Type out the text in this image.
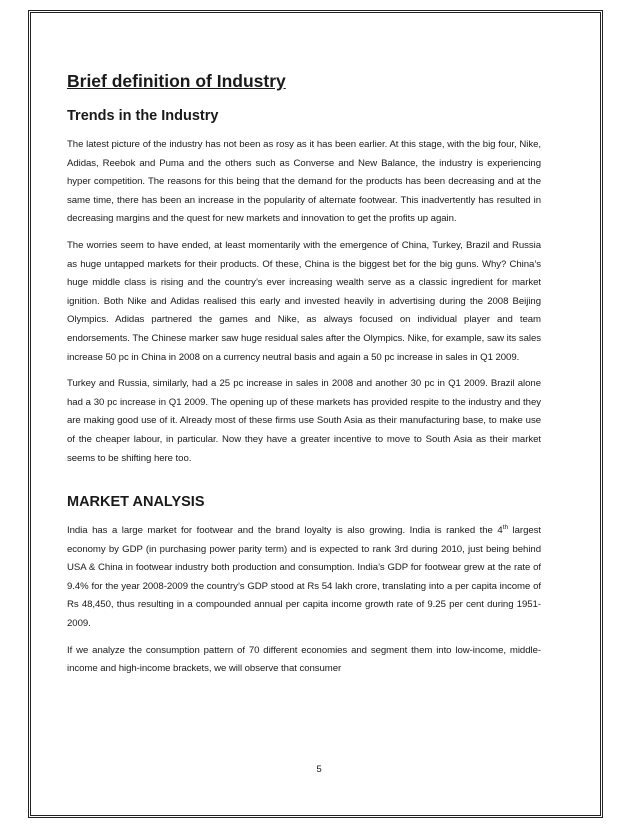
Brief definition of Industry
Trends in the Industry

The latest picture of the industry has not been as rosy as it has been earlier. At this stage, with the big four, Nike, Adidas, Reebok and Puma and the others such as Converse and New Balance, the industry is experiencing hyper competition. The reasons for this being that the demand for the products has been decreasing and at the same time, there has been an increase in the popularity of alternate footwear. This inadvertently has resulted in decreasing margins and the quest for new markets and innovation to get the profits up again.

The worries seem to have ended, at least momentarily with the emergence of China, Turkey, Brazil and Russia as huge untapped markets for their products. Of these, China is the biggest bet for the big guns. Why? China’s huge middle class is rising and the country’s ever increasing wealth serve as a classic ingredient for market ignition. Both Nike and Adidas realised this early and invested heavily in advertising during the 2008 Beijing Olympics. Adidas partnered the games and Nike, as always focused on individual player and team endorsements. The Chinese marker saw huge residual sales after the Olympics. Nike, for example, saw its sales increase 50 pc in China in 2008 on a currency neutral basis and again a 50 pc increase in sales in Q1 2009.

Turkey and Russia, similarly, had a 25 pc increase in sales in 2008 and another 30 pc in Q1 2009. Brazil alone had a 30 pc increase in Q1 2009. The opening up of these markets has provided respite to the industry and they are making good use of it. Already most of these firms use South Asia as their manufacturing base, to make use of the cheaper labour, in particular. Now they have a greater incentive to move to South Asia as their market seems to be shifting here too.

MARKET ANALYSIS

India has a large market for footwear and the brand loyalty is also growing. India is ranked the 4th largest economy by GDP (in purchasing power parity term) and is expected to rank 3rd during 2010, just being behind USA & China in footwear industry both production and consumption. India’s GDP for footwear grew at the rate of 9.4% for the year 2008-2009 the country’s GDP stood at Rs 54 lakh crore, translating into a per capita income of Rs 48,450, thus resulting in a compounded annual per capita income growth rate of 9.25 per cent during 1951-2009.

If we analyze the consumption pattern of 70 different economies and segment them into low-income, middle-income and high-income brackets, we will observe that consumer

5
